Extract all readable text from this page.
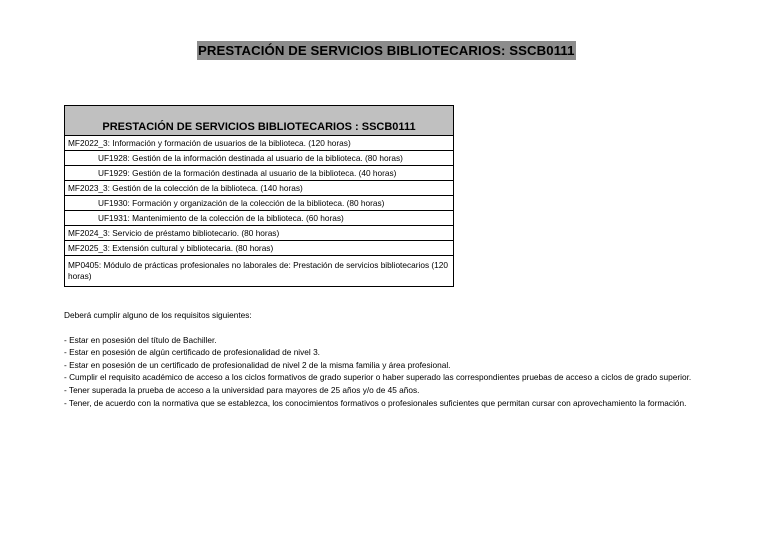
PRESTACIÓN DE SERVICIOS BIBLIOTECARIOS: SSCB0111
PRESTACIÓN DE SERVICIOS BIBLIOTECARIOS : SSCB0111
MF2022_3: Información y formación de usuarios de la biblioteca. (120 horas)
UF1928: Gestión de la información destinada al usuario de la biblioteca. (80 horas)
UF1929: Gestión de la formación destinada al usuario de la biblioteca. (40 horas)
MF2023_3: Gestión de la colección de la biblioteca. (140 horas)
UF1930: Formación y organización de la colección de la biblioteca. (80 horas)
UF1931: Mantenimiento de la colección de la biblioteca. (60 horas)
MF2024_3: Servicio de préstamo bibliotecario. (80 horas)
MF2025_3: Extensión cultural y bibliotecaria. (80 horas)
MP0405: Módulo de prácticas profesionales no laborales de: Prestación de servicios bibliotecarios (120 horas)

Deberá cumplir alguno de los requisitos siguientes:

- Estar en posesión del título de Bachiller.

- Estar en posesión de algún certificado de profesionalidad de nivel 3.

- Estar en posesión de un certificado de profesionalidad de nivel 2 de la misma familia y área profesional.

- Cumplir el requisito académico de acceso a los ciclos formativos de grado superior o haber superado las correspondientes pruebas de acceso a ciclos de grado superior.

- Tener superada la prueba de acceso a la universidad para mayores de 25 años y/o de 45 años.

- Tener, de acuerdo con la normativa que se establezca, los conocimientos formativos o profesionales suficientes que permitan cursar con aprovechamiento la formación.
